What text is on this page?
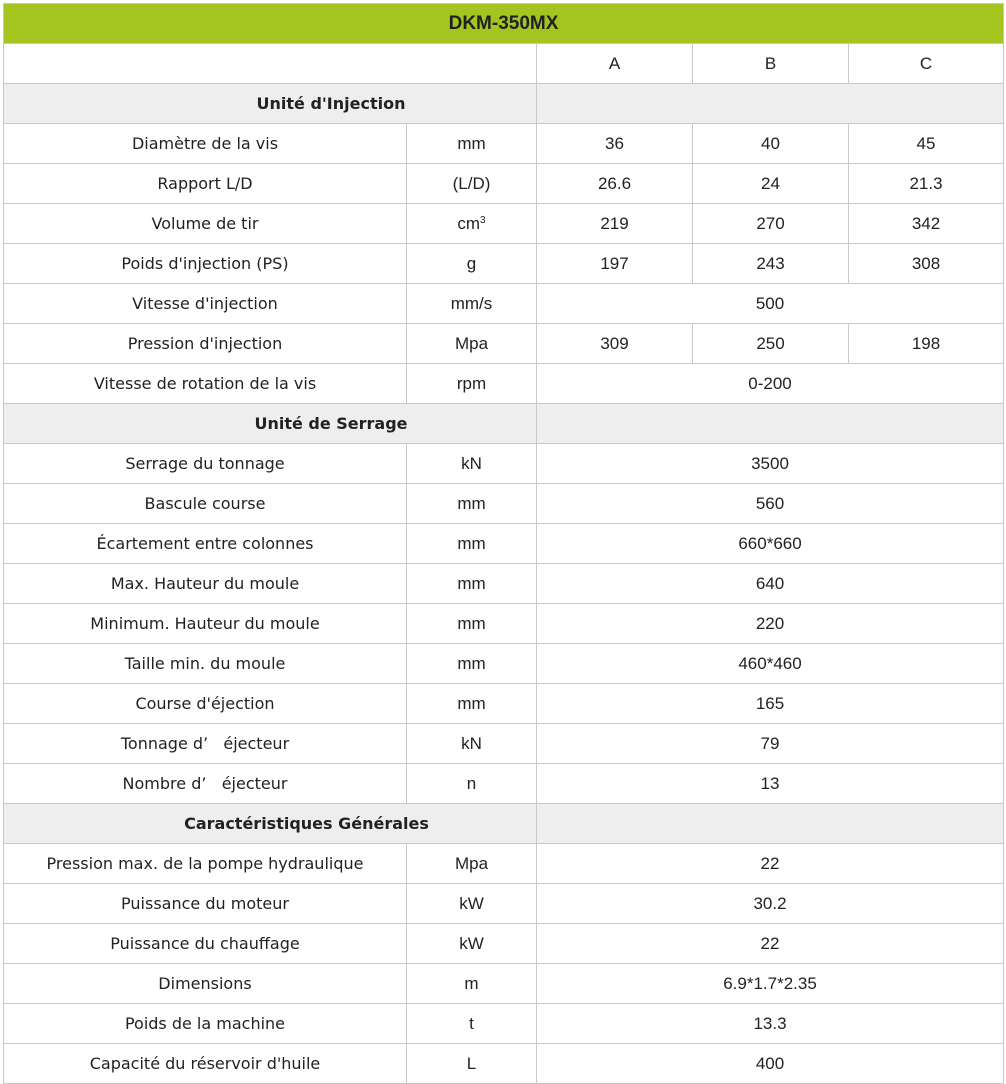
DKM-350MX				
		A	B	C
Unité d'Injection				
Diamètre de la vis	mm	36	40	45
Rapport L/D	(L/D)	26.6	24	21.3
Volume de tir	$cm^3$	219	270	342
Poids d'injection (PS)	g	197	243	308
Vitesse d'injection	mm/s	500		
Pression d'injection	Mpa	309	250	198
Vitesse de rotation de la vis	rpm	0-200		
Unité de Serrage				
Serrage du tonnage	kN	3500		
Bascule course	mm	560		
Écartement entre colonnes	mm	660*660		
Max. Hauteur du moule	mm	640		
Minimum. Hauteur du moule	mm	220		
Taille min. du moule	mm	460*460		
Course d'éjection	mm	165		
Tonnage d’   éjecteur	kN	79		
Nombre d’   éjecteur	n	13		
Caractéristiques Générales				
Pression max. de la pompe hydraulique	Mpa	22		
Puissance du moteur	kW	30.2		
Puissance du chauffage	kW	22		
Dimensions	m	6.9*1.7*2.35		
Poids de la machine	t	13.3		
Capacité du réservoir d'huile	L	400		
